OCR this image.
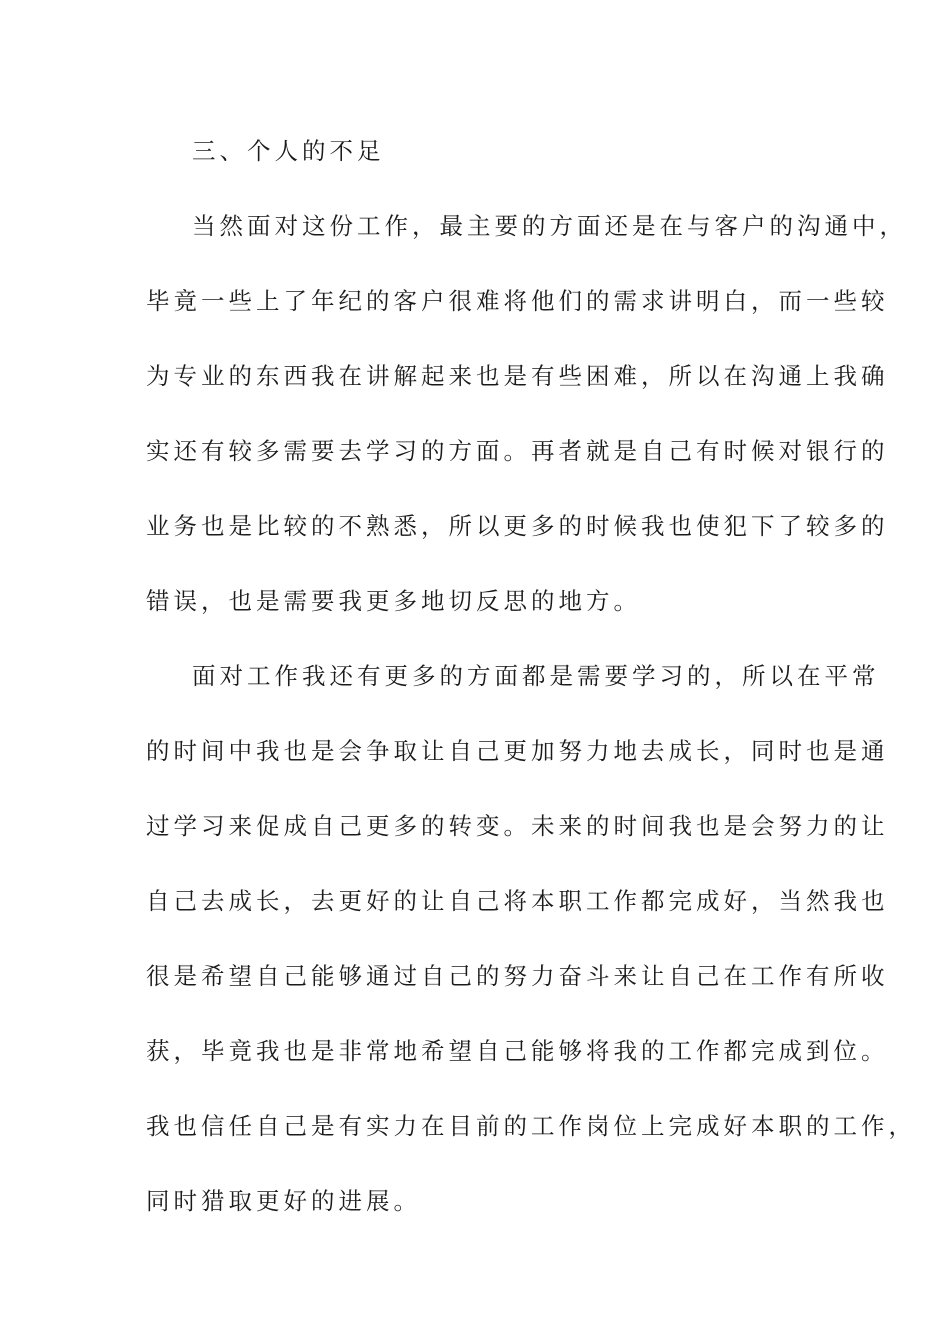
三、个人的不足
当然面对这份工作，最主要的方面还是在与客户的沟通中，
毕竟一些上了年纪的客户很难将他们的需求讲明白，而一些较
为专业的东西我在讲解起来也是有些困难，所以在沟通上我确
实还有较多需要去学习的方面。再者就是自己有时候对银行的
业务也是比较的不熟悉，所以更多的时候我也使犯下了较多的
错误，也是需要我更多地切反思的地方。
面对工作我还有更多的方面都是需要学习的，所以在平常
的时间中我也是会争取让自己更加努力地去成长，同时也是通
过学习来促成自己更多的转变。未来的时间我也是会努力的让
自己去成长，去更好的让自己将本职工作都完成好，当然我也
很是希望自己能够通过自己的努力奋斗来让自己在工作有所收
获，毕竟我也是非常地希望自己能够将我的工作都完成到位。
我也信任自己是有实力在目前的工作岗位上完成好本职的工作，
同时猎取更好的进展。
